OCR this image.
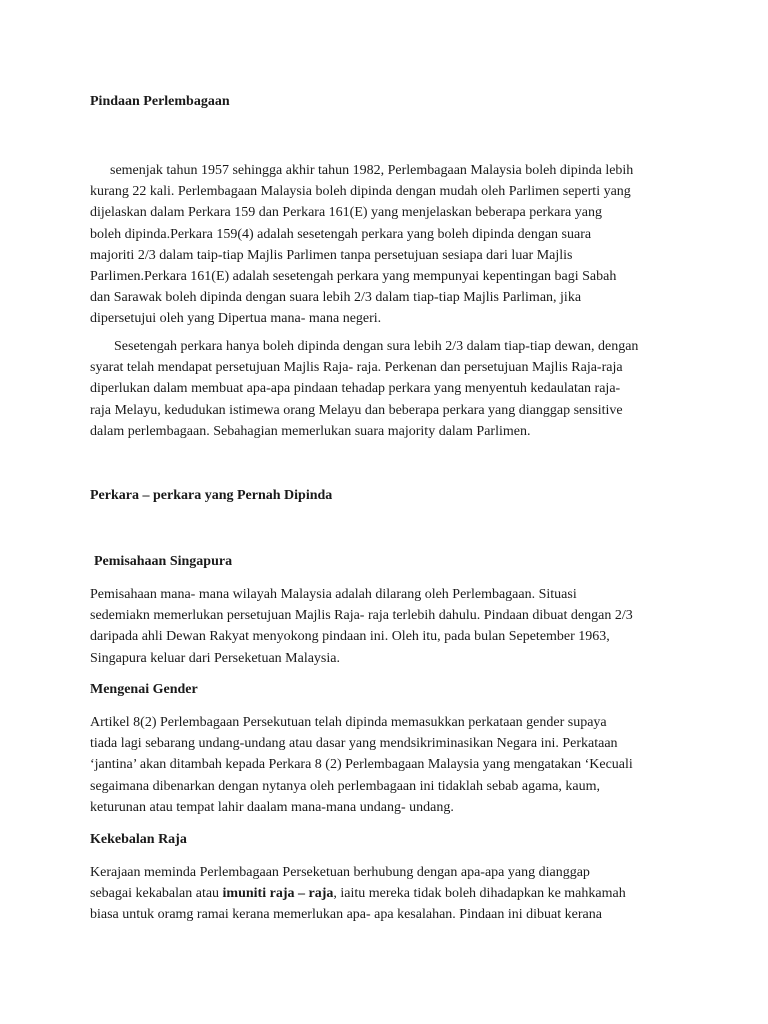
Pindaan Perlembagaan
semenjak tahun 1957 sehingga akhir tahun 1982, Perlembagaan Malaysia boleh dipinda lebih
kurang 22 kali. Perlembagaan Malaysia boleh dipinda dengan mudah oleh Parlimen seperti yang
dijelaskan dalam Perkara 159 dan Perkara 161(E) yang menjelaskan beberapa perkara yang
boleh dipinda.Perkara 159(4) adalah sesetengah perkara yang boleh dipinda dengan suara
majoriti 2/3 dalam taip-tiap Majlis Parlimen tanpa persetujuan sesiapa dari luar Majlis
Parlimen.Perkara 161(E) adalah sesetengah perkara yang mempunyai kepentingan bagi Sabah
dan Sarawak boleh dipinda dengan suara lebih 2/3 dalam tiap-tiap Majlis Parliman, jika
dipersetujui oleh yang Dipertua mana- mana negeri.
Sesetengah perkara hanya boleh dipinda dengan sura lebih 2/3 dalam tiap-tiap dewan, dengan
syarat telah mendapat persetujuan Majlis Raja- raja. Perkenan dan persetujuan Majlis Raja-raja
diperlukan dalam membuat apa-apa pindaan tehadap perkara yang menyentuh kedaulatan raja-
raja Melayu, kedudukan istimewa orang Melayu dan beberapa perkara yang dianggap sensitive
dalam perlembagaan. Sebahagian memerlukan suara majority dalam Parlimen.
Perkara – perkara yang Pernah Dipinda
Pemisahaan Singapura
Pemisahaan mana- mana wilayah Malaysia adalah dilarang oleh Perlembagaan. Situasi
sedemiakn memerlukan persetujuan Majlis Raja- raja terlebih dahulu. Pindaan dibuat dengan 2/3
daripada ahli Dewan Rakyat menyokong pindaan ini. Oleh itu, pada bulan Sepetember 1963,
Singapura keluar dari Perseketuan Malaysia.
Mengenai Gender
Artikel 8(2) Perlembagaan Persekutuan telah dipinda memasukkan perkataan gender supaya
tiada lagi sebarang undang-undang atau dasar yang mendsikriminasikan Negara ini. Perkataan
‘jantina’ akan ditambah kepada Perkara 8 (2) Perlembagaan Malaysia yang mengatakan ‘Kecuali
segaimana dibenarkan dengan nytanya oleh perlembagaan ini tidaklah sebab agama, kaum,
keturunan atau tempat lahir daalam mana-mana undang- undang.
Kekebalan Raja
Kerajaan meminda Perlembagaan Perseketuan berhubung dengan apa-apa yang dianggap
sebagai kekabalan atau imuniti raja – raja, iaitu mereka tidak boleh dihadapkan ke mahkamah
biasa untuk oramg ramai kerana memerlukan apa- apa kesalahan. Pindaan ini dibuat kerana
